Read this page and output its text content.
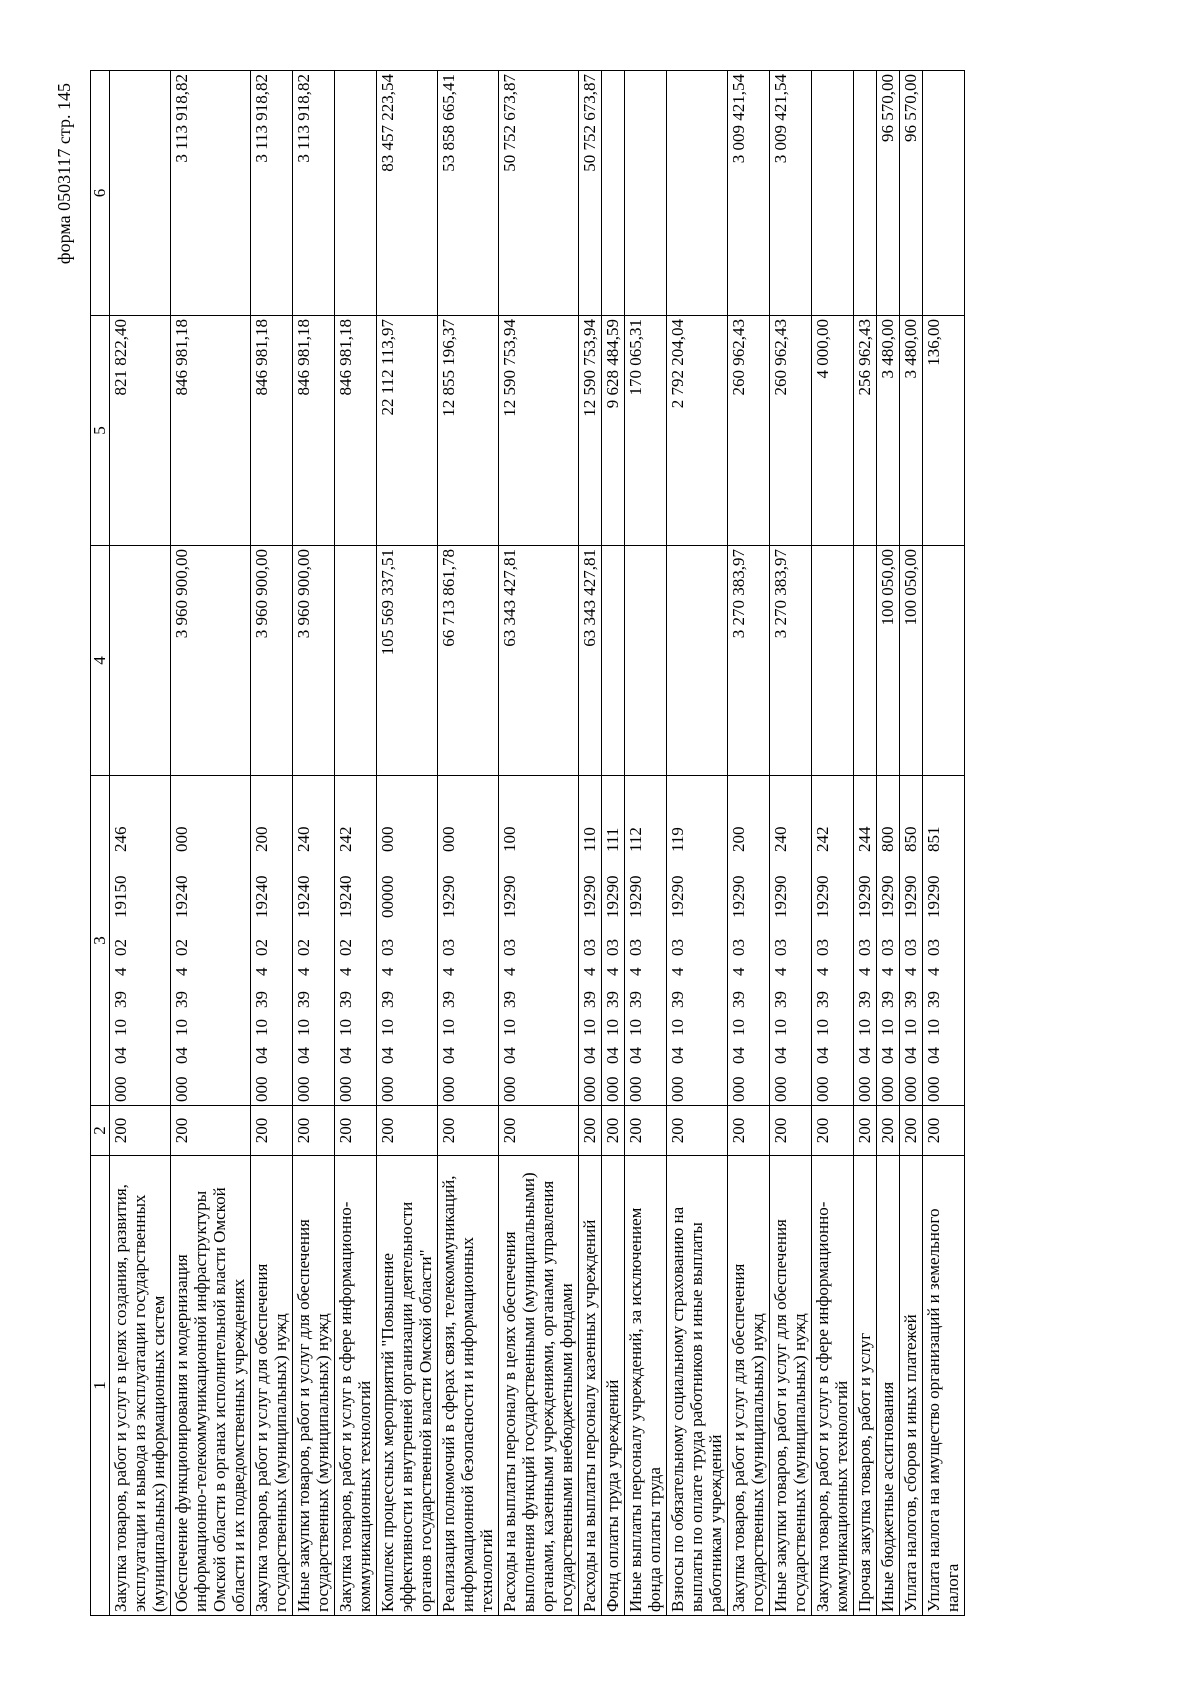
форма 0503117 стр. 145
1	2	3	4	5	6
Закупка товаров, работ и услуг в целях создания, развития, эксплуатации и вывода из эксплуатации государственных (муниципальных) информационных систем	200	00004103940219150246		821 822,40	
Обеспечение функционирования и модернизация информационно-телекоммуникационной инфраструктуры Омской области в органах исполнительной власти Омской области и их подведомственных учреждениях	200	00004103940219240000	3 960 900,00	846 981,18	3 113 918,82
Закупка товаров, работ и услуг для обеспечения государственных (муниципальных) нужд	200	00004103940219240200	3 960 900,00	846 981,18	3 113 918,82
Иные закупки товаров, работ и услуг для обеспечения государственных (муниципальных) нужд	200	00004103940219240240	3 960 900,00	846 981,18	3 113 918,82
Закупка товаров, работ и услуг в сфере информационно-коммуникационных технологий	200	00004103940219240242		846 981,18	
Комплекс процессных мероприятий "Повышение эффективности и внутренней организации деятельности органов государственной власти Омской области"	200	00004103940300000000	105 569 337,51	22 112 113,97	83 457 223,54
Реализация полномочий в сферах связи, телекоммуникаций, информационной безопасности и информационных технологий	200	00004103940319290000	66 713 861,78	12 855 196,37	53 858 665,41
Расходы на выплаты персоналу в целях обеспечения выполнения функций государственными (муниципальными) органами, казенными учреждениями, органами управления государственными внебюджетными фондами	200	00004103940319290100	63 343 427,81	12 590 753,94	50 752 673,87
Расходы на выплаты персоналу казенных учреждений	200	00004103940319290110	63 343 427,81	12 590 753,94	50 752 673,87
Фонд оплаты труда учреждений	200	00004103940319290111		9 628 484,59	
Иные выплаты персоналу учреждений, за исключением фонда оплаты труда	200	00004103940319290112		170 065,31	
Взносы по обязательному социальному страхованию на выплаты по оплате труда работников и иные выплаты работникам учреждений	200	00004103940319290119		2 792 204,04	
Закупка товаров, работ и услуг для обеспечения государственных (муниципальных) нужд	200	00004103940319290200	3 270 383,97	260 962,43	3 009 421,54
Иные закупки товаров, работ и услуг для обеспечения государственных (муниципальных) нужд	200	00004103940319290240	3 270 383,97	260 962,43	3 009 421,54
Закупка товаров, работ и услуг в сфере информационно-коммуникационных технологий	200	00004103940319290242		4 000,00	
Прочая закупка товаров, работ и услуг	200	00004103940319290244		256 962,43	
Иные бюджетные ассигнования	200	00004103940319290800	100 050,00	3 480,00	96 570,00
Уплата налогов, сборов и иных платежей	200	00004103940319290850	100 050,00	3 480,00	96 570,00
Уплата налога на имущество организаций и земельного налога	200	00004103940319290851		136,00	
